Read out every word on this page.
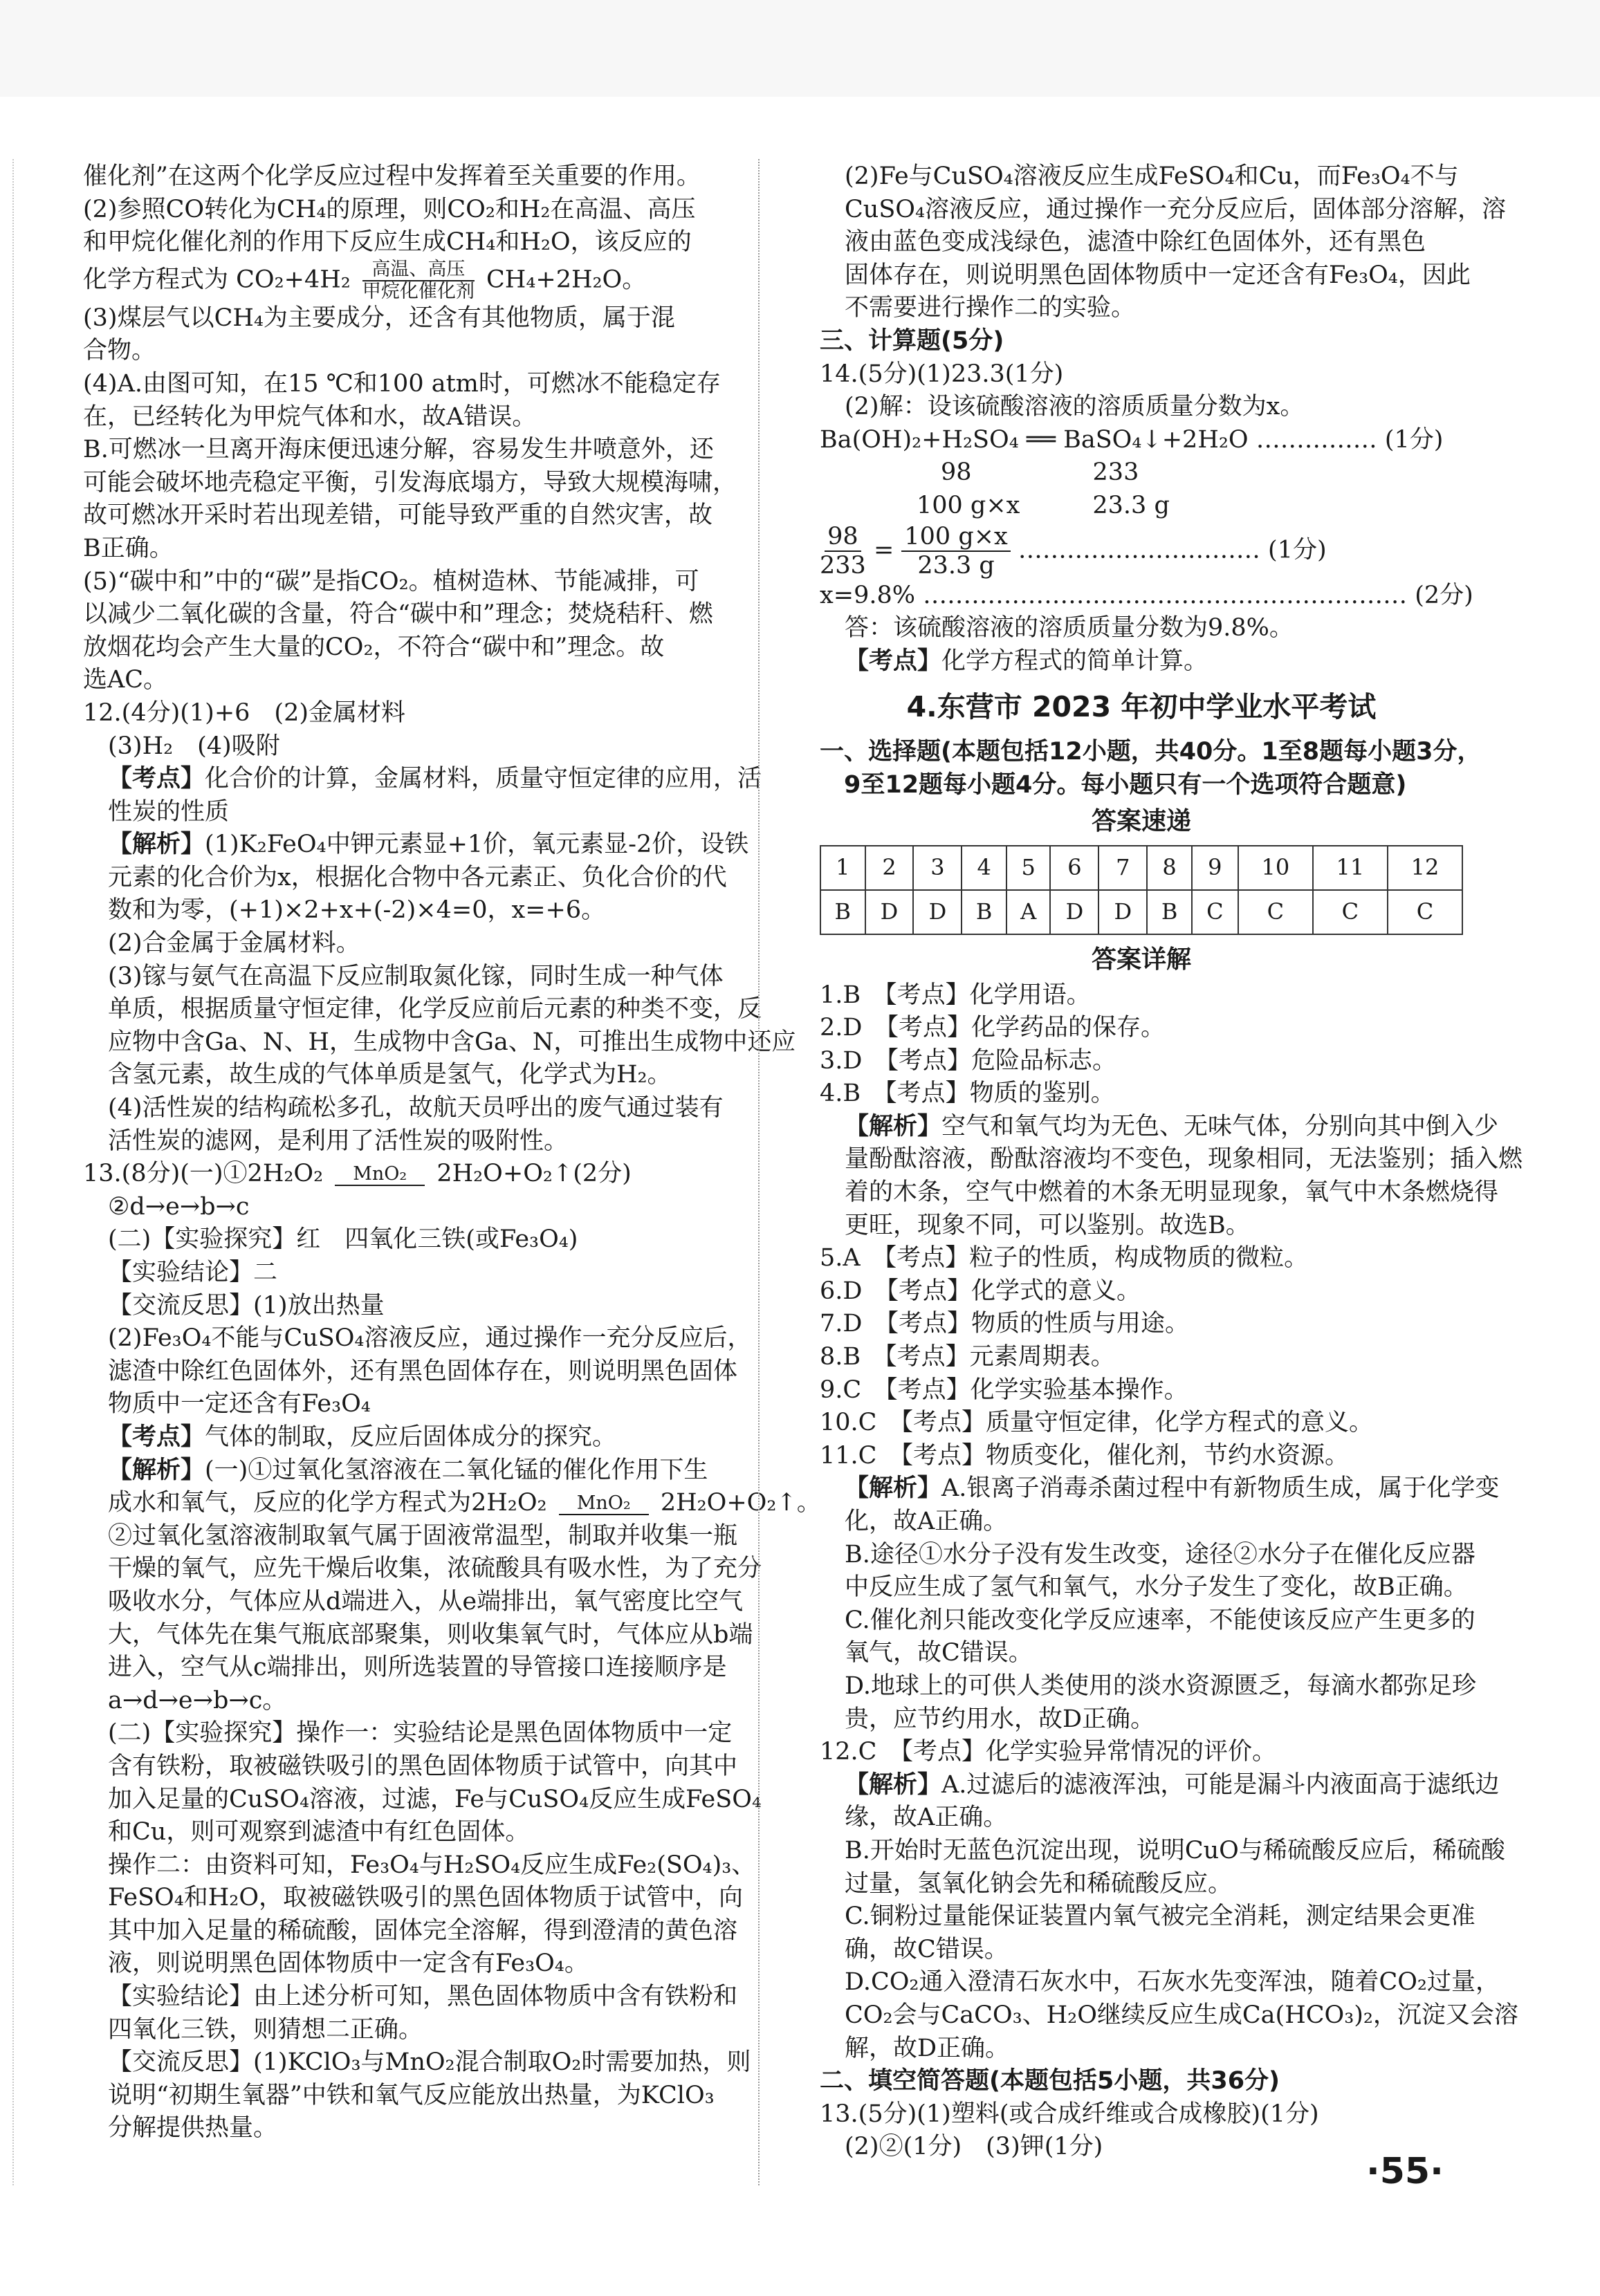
催化剂”在这两个化学反应过程中发挥着至关重要的作用。

(2)参照CO转化为CH₄的原理，则CO₂和H₂在高温、高压

和甲烷化催化剂的作用下反应生成CH₄和H₂O，该反应的

化学方程式为 CO₂+4H₂ 高温、高压
甲烷化催化剂 CH₄+2H₂O。

(3)煤层气以CH₄为主要成分，还含有其他物质，属于混

合物。

(4)A.由图可知，在15 ℃和100 atm时，可燃冰不能稳定存

在，已经转化为甲烷气体和水，故A错误。

B.可燃冰一旦离开海床便迅速分解，容易发生井喷意外，还

可能会破坏地壳稳定平衡，引发海底塌方，导致大规模海啸，

故可燃冰开采时若出现差错，可能导致严重的自然灾害，故

B正确。

(5)“碳中和”中的“碳”是指CO₂。植树造林、节能减排，可

以减少二氧化碳的含量，符合“碳中和”理念；焚烧秸秆、燃

放烟花均会产生大量的CO₂，不符合“碳中和”理念。故

选AC。

12.(4分)(1)+6　(2)金属材料

(3)H₂　(4)吸附

【考点】化合价的计算，金属材料，质量守恒定律的应用，活

性炭的性质

【解析】(1)K₂FeO₄中钾元素显+1价，氧元素显-2价，设铁

元素的化合价为x，根据化合物中各元素正、负化合价的代

数和为零，(+1)×2+x+(-2)×4=0，x=+6。

(2)合金属于金属材料。

(3)镓与氨气在高温下反应制取氮化镓，同时生成一种气体

单质，根据质量守恒定律，化学反应前后元素的种类不变，反

应物中含Ga、N、H，生成物中含Ga、N，可推出生成物中还应

含氢元素，故生成的气体单质是氢气，化学式为H₂。

(4)活性炭的结构疏松多孔，故航天员呼出的废气通过装有

活性炭的滤网，是利用了活性炭的吸附性。

13.(8分)(一)①2H₂O₂ MnO₂ 2H₂O+O₂↑(2分)

②d→e→b→c

(二)【实验探究】红　四氧化三铁(或Fe₃O₄)

【实验结论】二

【交流反思】(1)放出热量

(2)Fe₃O₄不能与CuSO₄溶液反应，通过操作一充分反应后，

滤渣中除红色固体外，还有黑色固体存在，则说明黑色固体

物质中一定还含有Fe₃O₄

【考点】气体的制取，反应后固体成分的探究。

【解析】(一)①过氧化氢溶液在二氧化锰的催化作用下生

成水和氧气，反应的化学方程式为2H₂O₂ MnO₂ 2H₂O+O₂↑。

②过氧化氢溶液制取氧气属于固液常温型，制取并收集一瓶

干燥的氧气，应先干燥后收集，浓硫酸具有吸水性，为了充分

吸收水分，气体应从d端进入，从e端排出，氧气密度比空气

大，气体先在集气瓶底部聚集，则收集氧气时，气体应从b端

进入，空气从c端排出，则所选装置的导管接口连接顺序是

a→d→e→b→c。

(二)【实验探究】操作一：实验结论是黑色固体物质中一定

含有铁粉，取被磁铁吸引的黑色固体物质于试管中，向其中

加入足量的CuSO₄溶液，过滤，Fe与CuSO₄反应生成FeSO₄

和Cu，则可观察到滤渣中有红色固体。

操作二：由资料可知，Fe₃O₄与H₂SO₄反应生成Fe₂(SO₄)₃、

FeSO₄和H₂O，取被磁铁吸引的黑色固体物质于试管中，向

其中加入足量的稀硫酸，固体完全溶解，得到澄清的黄色溶

液，则说明黑色固体物质中一定含有Fe₃O₄。

【实验结论】由上述分析可知，黑色固体物质中含有铁粉和

四氧化三铁，则猜想二正确。

【交流反思】(1)KClO₃与MnO₂混合制取O₂时需要加热，则

说明“初期生氧器”中铁和氧气反应能放出热量，为KClO₃

分解提供热量。

(2)Fe与CuSO₄溶液反应生成FeSO₄和Cu，而Fe₃O₄不与

CuSO₄溶液反应，通过操作一充分反应后，固体部分溶解，溶

液由蓝色变成浅绿色，滤渣中除红色固体外，还有黑色

固体存在，则说明黑色固体物质中一定还含有Fe₃O₄，因此

不需要进行操作二的实验。

三、计算题(5分)

14.(5分)(1)23.3(1分)

(2)解：设该硫酸溶液的溶质质量分数为x。

Ba(OH)₂+H₂SO₄ ══ BaSO₄↓+2H₂O …………… (1分)

　　　　　98　　　　　233

　　　　100 g×x　　　23.3 g

$\frac{98}{233} = \frac{100 g\times x}{23.3 g}$ ………………………… (1分)

x=9.8% …………………………………………………… (2分)

答：该硫酸溶液的溶质质量分数为9.8%。

【考点】化学方程式的简单计算。

4.东营市 2023 年初中学业水平考试

一、选择题(本题包括12小题，共40分。1至8题每小题3分，

　9至12题每小题4分。每小题只有一个选项符合题意)

答案速递
1	2	3	4	5	6	7	8	9	10	11	12
B	D	D	B	A	D	D	B	C	C	C	C
答案详解

1.B　【考点】化学用语。

2.D　【考点】化学药品的保存。

3.D　【考点】危险品标志。

4.B　【考点】物质的鉴别。

【解析】空气和氧气均为无色、无味气体，分别向其中倒入少

量酚酞溶液，酚酞溶液均不变色，现象相同，无法鉴别；插入燃

着的木条，空气中燃着的木条无明显现象，氧气中木条燃烧得

更旺，现象不同，可以鉴别。故选B。

5.A　【考点】粒子的性质，构成物质的微粒。

6.D　【考点】化学式的意义。

7.D　【考点】物质的性质与用途。

8.B　【考点】元素周期表。

9.C　【考点】化学实验基本操作。

10.C　【考点】质量守恒定律，化学方程式的意义。

11.C　【考点】物质变化，催化剂，节约水资源。

【解析】A.银离子消毒杀菌过程中有新物质生成，属于化学变

化，故A正确。

B.途径①水分子没有发生改变，途径②水分子在催化反应器

中反应生成了氢气和氧气，水分子发生了变化，故B正确。

C.催化剂只能改变化学反应速率，不能使该反应产生更多的

氧气，故C错误。

D.地球上的可供人类使用的淡水资源匮乏，每滴水都弥足珍

贵，应节约用水，故D正确。

12.C　【考点】化学实验异常情况的评价。

【解析】A.过滤后的滤液浑浊，可能是漏斗内液面高于滤纸边

缘，故A正确。

B.开始时无蓝色沉淀出现，说明CuO与稀硫酸反应后，稀硫酸

过量，氢氧化钠会先和稀硫酸反应。

C.铜粉过量能保证装置内氧气被完全消耗，测定结果会更准

确，故C错误。

D.CO₂通入澄清石灰水中，石灰水先变浑浊，随着CO₂过量，

CO₂会与CaCO₃、H₂O继续反应生成Ca(HCO₃)₂，沉淀又会溶

解，故D正确。

二、填空简答题(本题包括5小题，共36分)

13.(5分)(1)塑料(或合成纤维或合成橡胶)(1分)

(2)②(1分)　(3)钾(1分)

·55·
